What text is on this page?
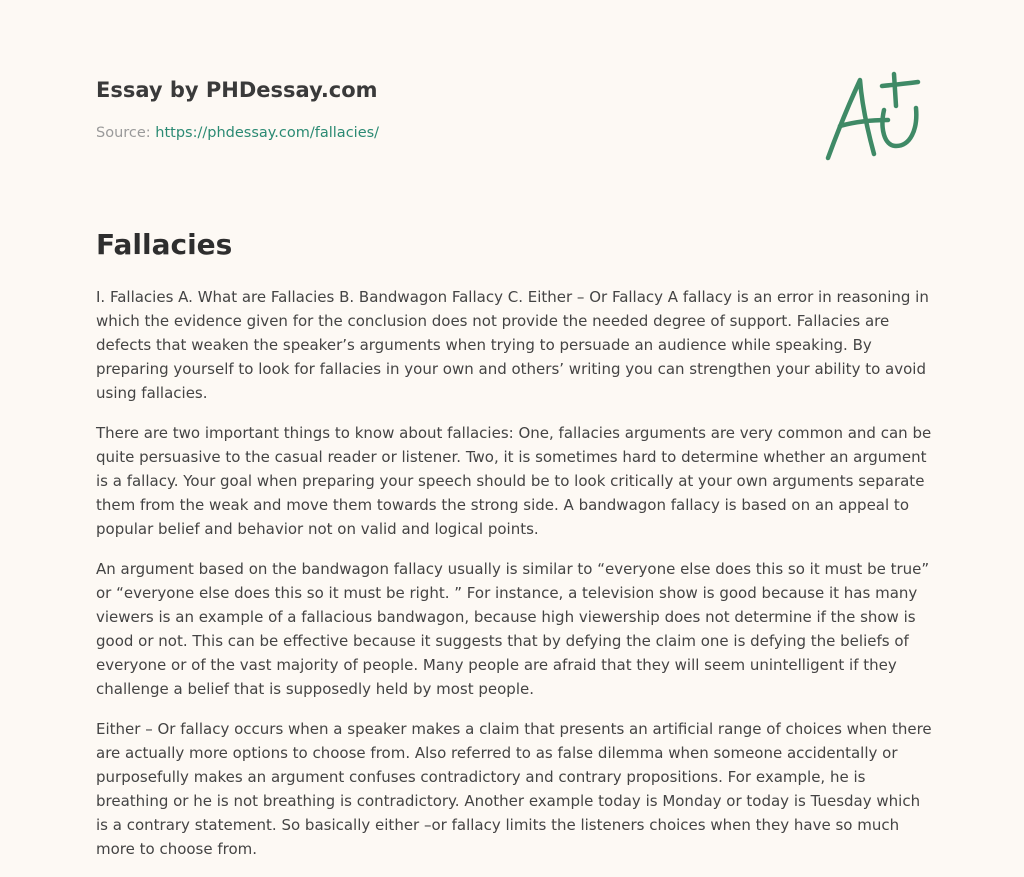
Essay by PHDessay.com
Source: https://phdessay.com/fallacies/
Fallacies

I. Fallacies A. What are Fallacies B. Bandwagon Fallacy C. Either – Or Fallacy A fallacy is an error in reasoning in which the evidence given for the conclusion does not provide the needed degree of support. Fallacies are defects that weaken the speaker’s arguments when trying to persuade an audience while speaking. By preparing yourself to look for fallacies in your own and others’ writing you can strengthen your ability to avoid using fallacies.

There are two important things to know about fallacies: One, fallacies arguments are very common and can be quite persuasive to the casual reader or listener. Two, it is sometimes hard to determine whether an argument is a fallacy. Your goal when preparing your speech should be to look critically at your own arguments separate them from the weak and move them towards the strong side. A bandwagon fallacy is based on an appeal to popular belief and behavior not on valid and logical points.

An argument based on the bandwagon fallacy usually is similar to “everyone else does this so it must be true” or “everyone else does this so it must be right. ” For instance, a television show is good because it has many viewers is an example of a fallacious bandwagon, because high viewership does not determine if the show is good or not. This can be effective because it suggests that by defying the claim one is defying the beliefs of everyone or of the vast majority of people. Many people are afraid that they will seem unintelligent if they challenge a belief that is supposedly held by most people.

Either – Or fallacy occurs when a speaker makes a claim that presents an artificial range of choices when there are actually more options to choose from. Also referred to as false dilemma when someone accidentally or purposefully makes an argument confuses contradictory and contrary propositions. For example, he is breathing or he is not breathing is contradictory. Another example today is Monday or today is Tuesday which is a contrary statement. So basically either –or fallacy limits the listeners choices when they have so much more to choose from.
